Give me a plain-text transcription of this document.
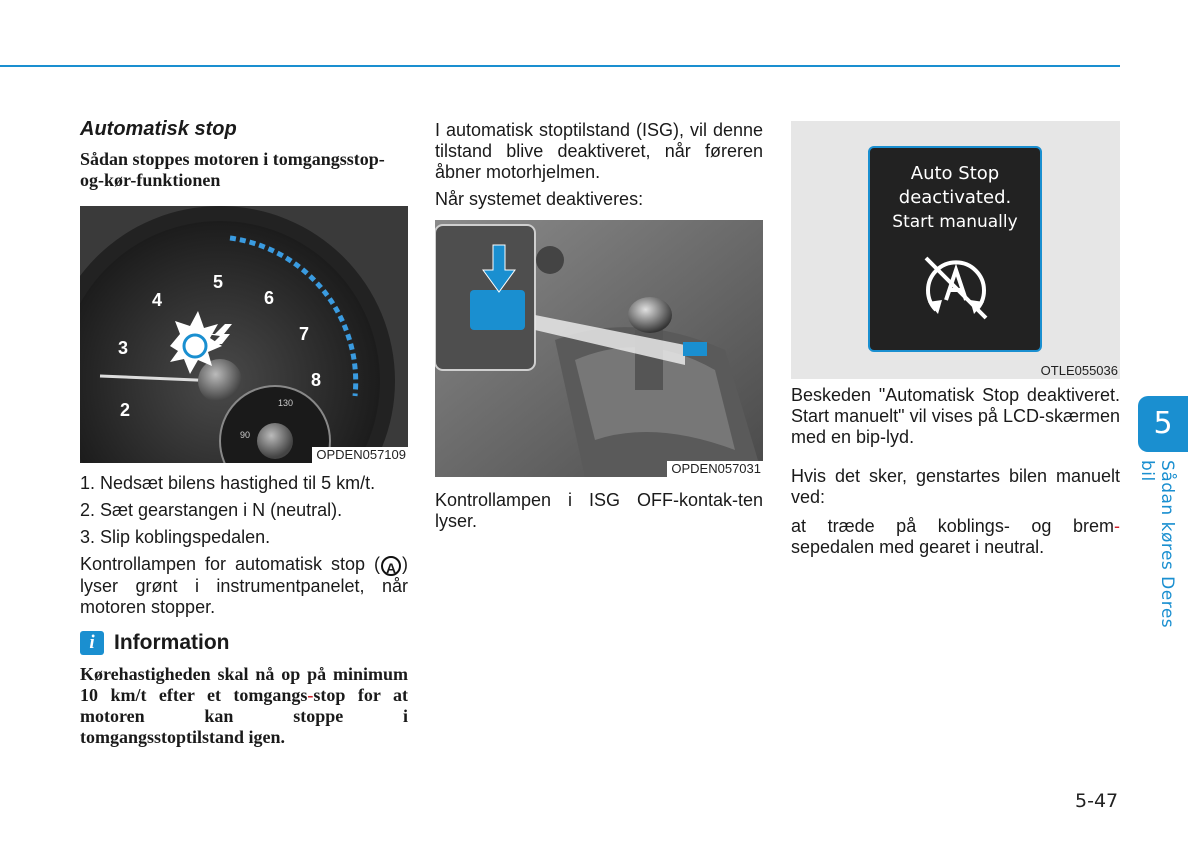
Automatisk stop
Sådan stoppes motoren i tomgangsstop-og-kør-funktionen
2
3
4
5
6
7
8
90
130
OPDEN057109
1. Nedsæt bilens hastighed til 5 km/t.
2. Sæt gearstangen i N (neutral).
3. Slip koblingspedalen.
Kontrollampen for automatisk stop ( A ) lyser grønt i instrumentpanelet, når motoren stopper.
i Information
Kørehastigheden skal nå op på minimum 10 km/t efter et tomgangs-stop for at motoren kan stoppe i tomgangsstoptilstand igen.
I automatisk stoptilstand (ISG), vil denne tilstand blive deaktiveret, når føreren åbner motorhjelmen.
Når systemet deaktiveres:
OPDEN057031
Kontrollampen i ISG OFF-kontak-ten lyser.
Auto Stop
deactivated.
Start manually
OTLE055036
Beskeden "Automatisk Stop deaktiveret. Start manuelt" vil vises på LCD-skærmen med en bip-lyd.
Hvis det sker, genstartes bilen manuelt ved:
at træde på koblings- og brem-sepedalen med gearet i neutral.
5
Sådan køres Deres bil
5-47
